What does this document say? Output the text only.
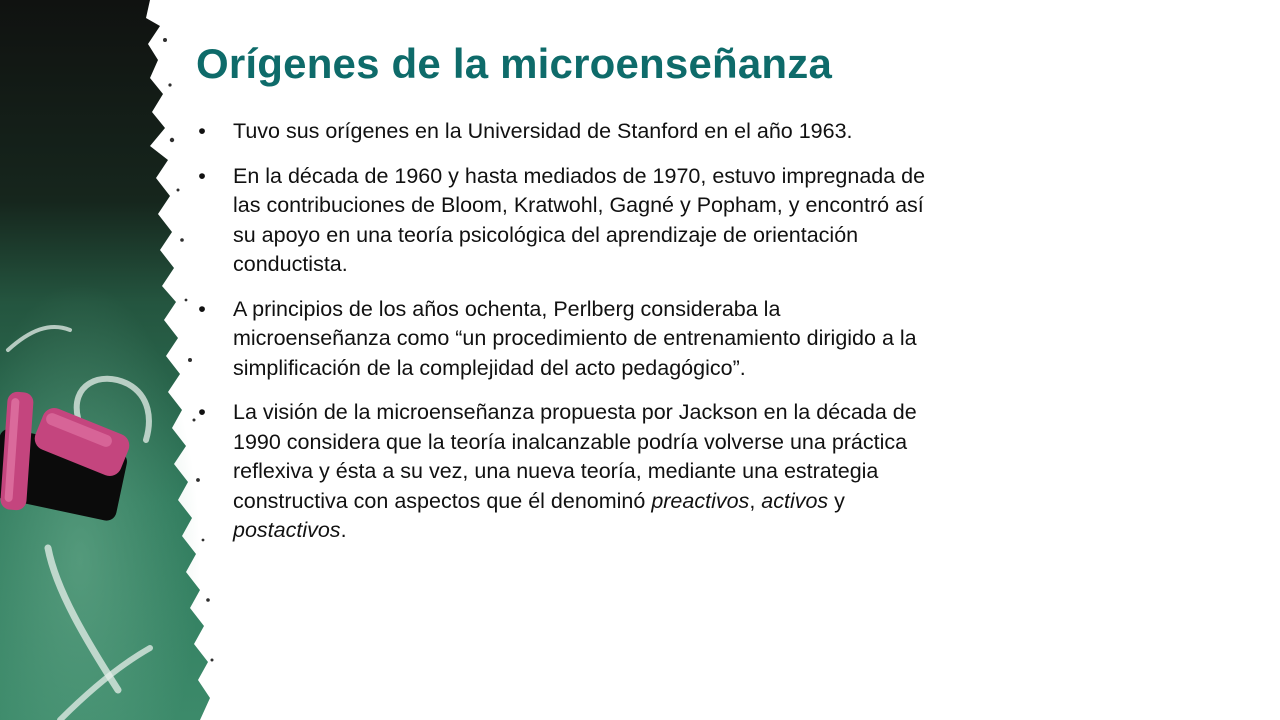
Orígenes de la microenseñanza
• Tuvo sus orígenes en la Universidad de Stanford en el año 1963.
• En la década de 1960 y hasta mediados de 1970, estuvo impregnada de las contribuciones de Bloom, Kratwohl, Gagné y Popham, y encontró así su apoyo en una teoría psicológica del aprendizaje de orientación conductista.
• A principios de los años ochenta, Perlberg consideraba la microenseñanza como “un procedimiento de entrenamiento dirigido a la simplificación de la complejidad del acto pedagógico”.
• La visión de la microenseñanza propuesta por Jackson en la década de 1990 considera que la teoría inalcanzable podría volverse una práctica reflexiva y ésta a su vez, una nueva teoría, mediante una estrategia constructiva con aspectos que él denominó preactivos, activos y postactivos.
